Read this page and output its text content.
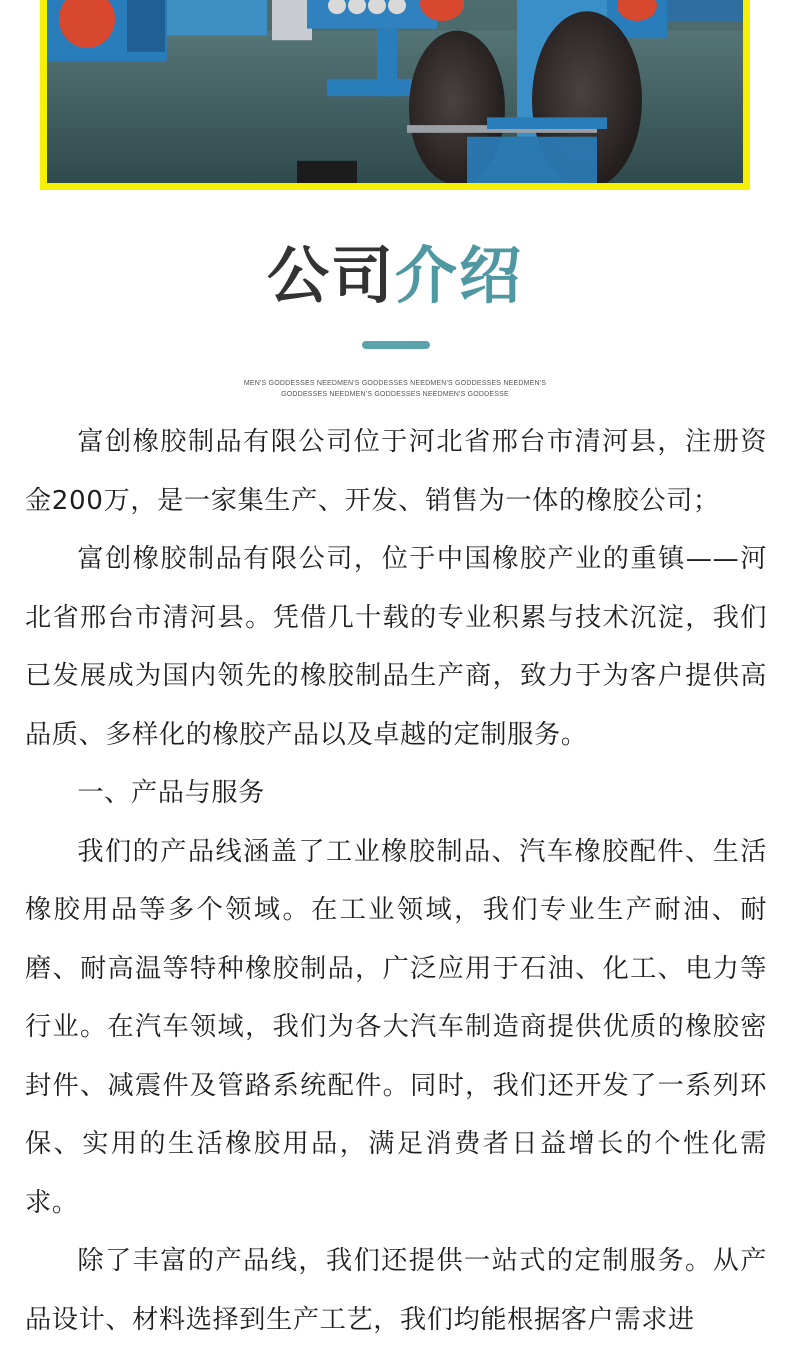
公司介绍
MEN'S GODDESSES NEEDMEN'S GODDESSES NEEDMEN'S GODDESSES NEEDMEN'S
GODDESSES NEEDMEN'S GODDESSES NEEDMEN'S GODDESSE

富创橡胶制品有限公司位于河北省邢台市清河县，注册资金200万，是一家集生产、开发、销售为一体的橡胶公司；

富创橡胶制品有限公司，位于中国橡胶产业的重镇——河北省邢台市清河县。凭借几十载的专业积累与技术沉淀，我们已发展成为国内领先的橡胶制品生产商，致力于为客户提供高品质、多样化的橡胶产品以及卓越的定制服务。

一、产品与服务

我们的产品线涵盖了工业橡胶制品、汽车橡胶配件、生活橡胶用品等多个领域。在工业领域，我们专业生产耐油、耐磨、耐高温等特种橡胶制品，广泛应用于石油、化工、电力等行业。在汽车领域，我们为各大汽车制造商提供优质的橡胶密封件、减震件及管路系统配件。同时，我们还开发了一系列环保、实用的生活橡胶用品，满足消费者日益增长的个性化需求。

除了丰富的产品线，我们还提供一站式的定制服务。从产品设计、材料选择到生产工艺，我们均能根据客户需求进
